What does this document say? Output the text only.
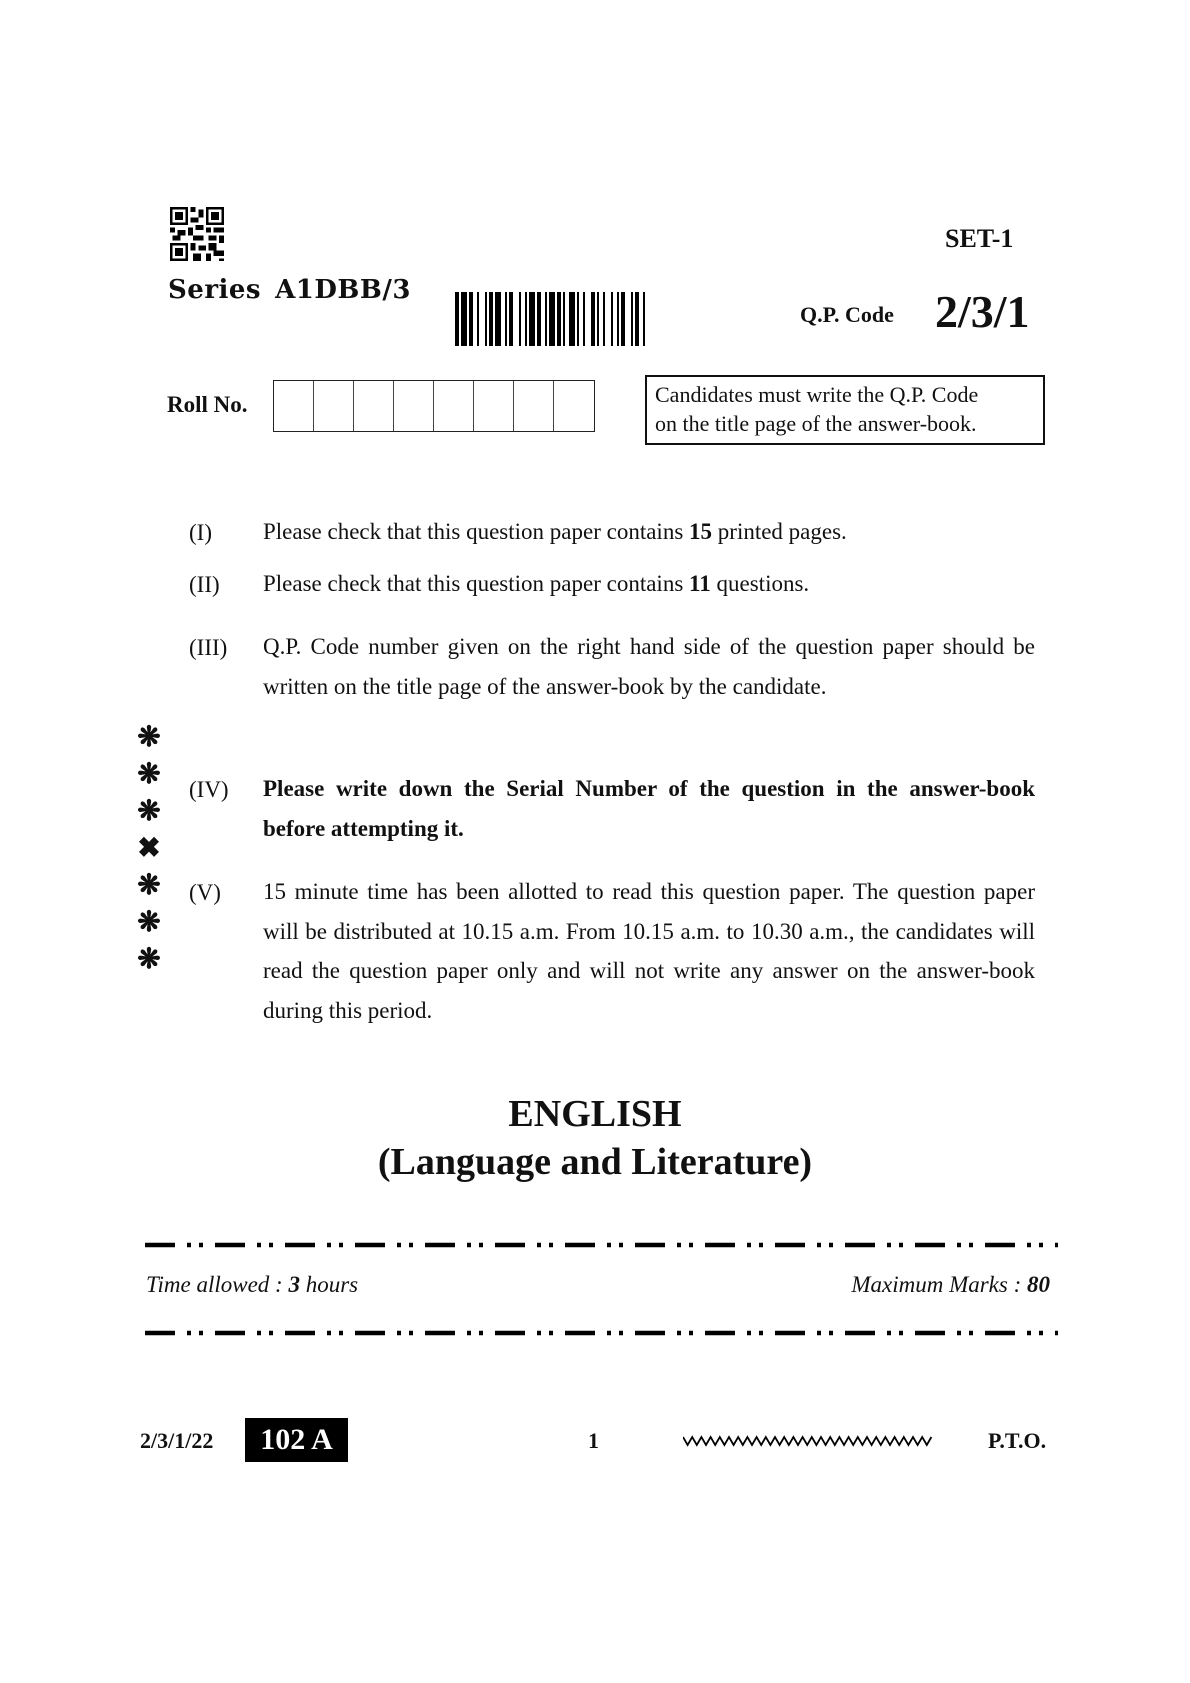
Series A1DBB/3
SET-1
Q.P. Code 2/3/1
Roll No.	Candidates must write the Q.P. Code
on the title page of the answer-book.
(I) Please check that this question paper contains 15 printed pages.
(II) Please check that this question paper contains 11 questions.
(III) Q.P. Code number given on the right hand side of the question paper should be written on the title page of the answer-book by the candidate.
(IV) Please write down the Serial Number of the question in the answer-book before attempting it.
(V) 15 minute time has been allotted to read this question paper. The question paper will be distributed at 10.15 a.m. From 10.15 a.m. to 10.30 a.m., the candidates will read the question paper only and will not write any answer on the answer-book during this period.
❋
❋
❋
✖
❋
❋
❋
ENGLISH
(Language and Literature)
Time allowed : 3 hours	Maximum Marks : 80
2/3/1/22	102 A	1	P.T.O.
